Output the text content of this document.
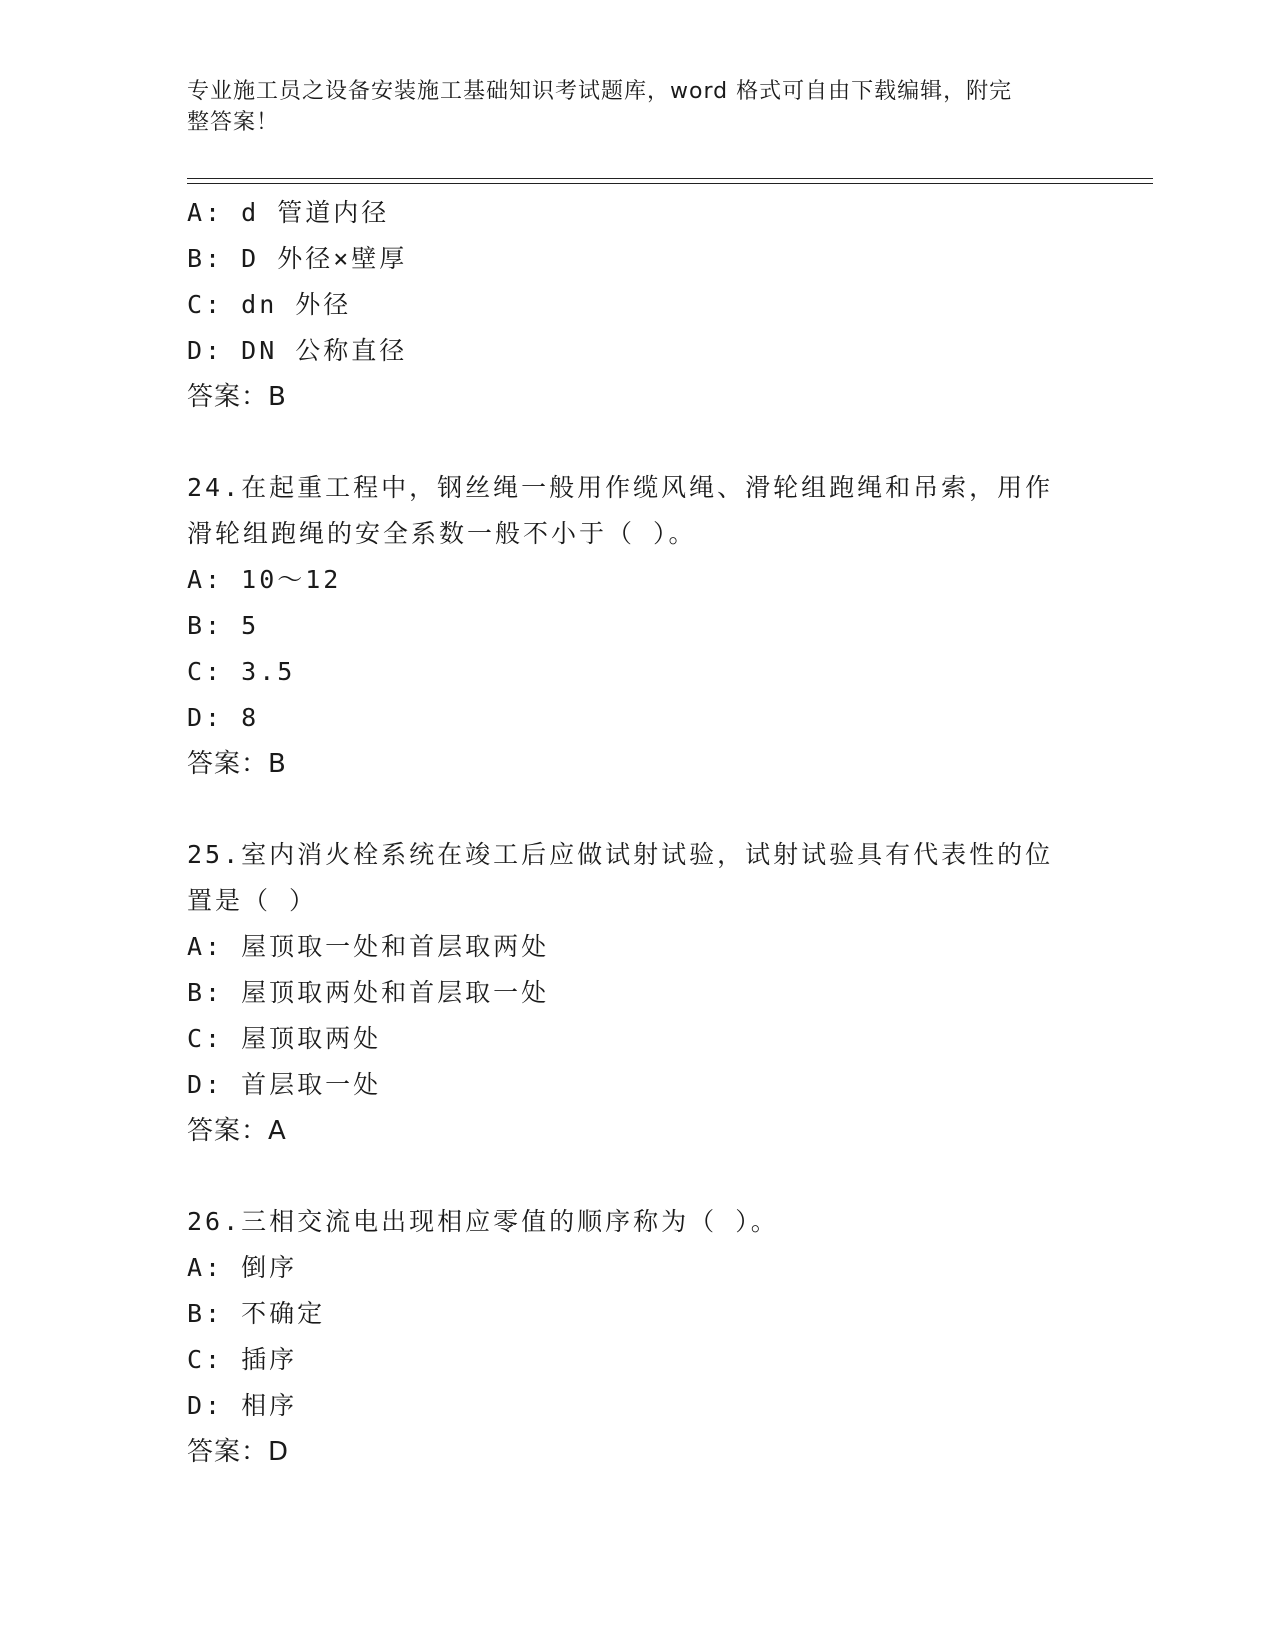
专业施工员之设备安装施工基础知识考试题库，word 格式可自由下载编辑，附完
整答案！
A: d 管道内径
B: D 外径×壁厚
C: dn 外径
D: DN 公称直径
答案：B
24.在起重工程中，钢丝绳一般用作缆风绳、滑轮组跑绳和吊索，用作
滑轮组跑绳的安全系数一般不小于（ ）。
A: 10～12
B: 5
C: 3.5
D: 8
答案：B
25.室内消火栓系统在竣工后应做试射试验，试射试验具有代表性的位
置是（ ）
A: 屋顶取一处和首层取两处
B: 屋顶取两处和首层取一处
C: 屋顶取两处
D: 首层取一处
答案：A
26.三相交流电出现相应零值的顺序称为（ ）。
A: 倒序
B: 不确定
C: 插序
D: 相序
答案：D
